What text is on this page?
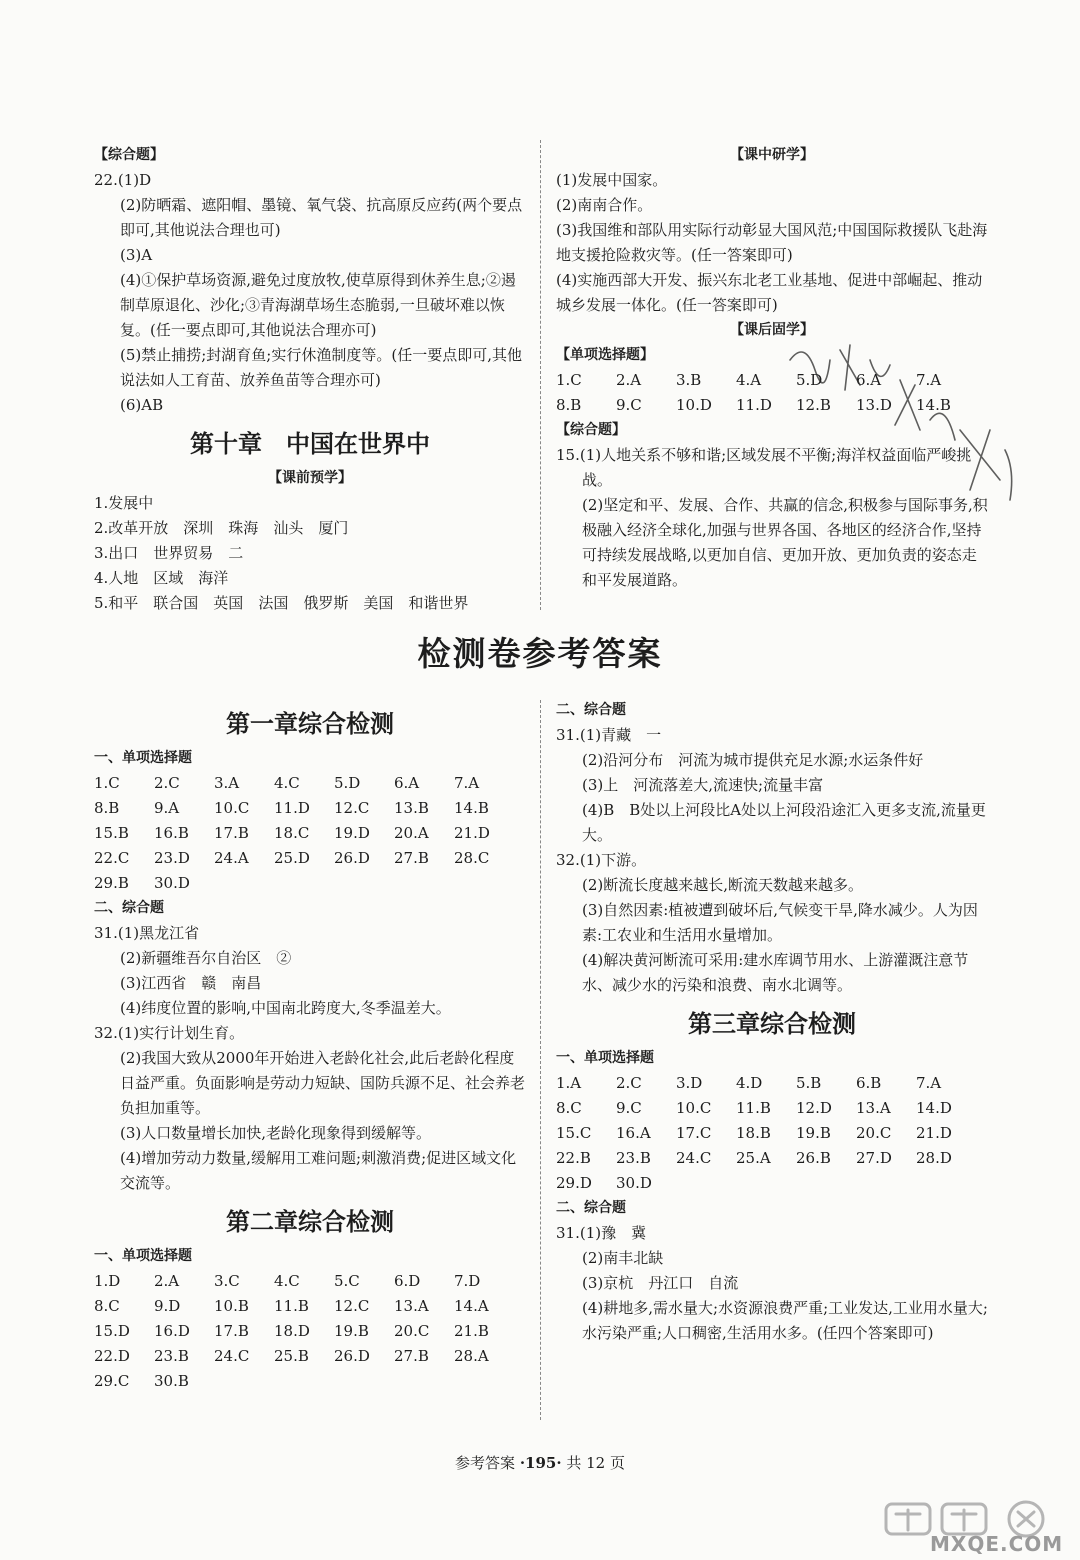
【综合题】
22.(1)D
(2)防晒霜、遮阳帽、墨镜、氧气袋、抗高原反应药(两个要点即可,其他说法合理也可)
(3)A
(4)①保护草场资源,避免过度放牧,使草原得到休养生息;②遏制草原退化、沙化;③青海湖草场生态脆弱,一旦破坏难以恢复。(任一要点即可,其他说法合理亦可)
(5)禁止捕捞;封湖育鱼;实行休渔制度等。(任一要点即可,其他说法如人工育苗、放养鱼苗等合理亦可)
(6)AB
第十章　中国在世界中
【课前预学】
1.发展中
2.改革开放　深圳　珠海　汕头　厦门
3.出口　世界贸易　二
4.人地　区域　海洋
5.和平　联合国　英国　法国　俄罗斯　美国　和谐世界
【课中研学】
(1)发展中国家。
(2)南南合作。
(3)我国维和部队用实际行动彰显大国风范;中国国际救援队飞赴海地支援抢险救灾等。(任一答案即可)
(4)实施西部大开发、振兴东北老工业基地、促进中部崛起、推动城乡发展一体化。(任一答案即可)
【课后固学】
【单项选择题】
1.C	2.A	3.B	4.A	5.D	6.A	7.A
8.B	9.C	10.D	11.D	12.B	13.D	14.B
【综合题】
15.(1)人地关系不够和谐;区域发展不平衡;海洋权益面临严峻挑战。
(2)坚定和平、发展、合作、共赢的信念,积极参与国际事务,积极融入经济全球化,加强与世界各国、各地区的经济合作,坚持可持续发展战略,以更加自信、更加开放、更加负责的姿态走和平发展道路。
检测卷参考答案
第一章综合检测
一、单项选择题
1.C	2.C	3.A	4.C	5.D	6.A	7.A
8.B	9.A	10.C	11.D	12.C	13.B	14.B
15.B	16.B	17.B	18.C	19.D	20.A	21.D
22.C	23.D	24.A	25.D	26.D	27.B	28.C
29.B	30.D
二、综合题
31.(1)黑龙江省
(2)新疆维吾尔自治区　②
(3)江西省　赣　南昌
(4)纬度位置的影响,中国南北跨度大,冬季温差大。
32.(1)实行计划生育。
(2)我国大致从2000年开始进入老龄化社会,此后老龄化程度日益严重。负面影响是劳动力短缺、国防兵源不足、社会养老负担加重等。
(3)人口数量增长加快,老龄化现象得到缓解等。
(4)增加劳动力数量,缓解用工难问题;刺激消费;促进区域文化交流等。
第二章综合检测
一、单项选择题
1.D	2.A	3.C	4.C	5.C	6.D	7.D
8.C	9.D	10.B	11.B	12.C	13.A	14.A
15.D	16.D	17.B	18.D	19.B	20.C	21.B
22.D	23.B	24.C	25.B	26.D	27.B	28.A
29.C	30.B
二、综合题
31.(1)青藏　一
(2)沿河分布　河流为城市提供充足水源;水运条件好
(3)上　河流落差大,流速快;流量丰富
(4)B　B处以上河段比A处以上河段沿途汇入更多支流,流量更大。
32.(1)下游。
(2)断流长度越来越长,断流天数越来越多。
(3)自然因素:植被遭到破坏后,气候变干旱,降水减少。人为因素:工农业和生活用水量增加。
(4)解决黄河断流可采用:建水库调节用水、上游灌溉注意节水、减少水的污染和浪费、南水北调等。
第三章综合检测
一、单项选择题
1.A	2.C	3.D	4.D	5.B	6.B	7.A
8.C	9.C	10.C	11.B	12.D	13.A	14.D
15.C	16.A	17.C	18.B	19.B	20.C	21.D
22.B	23.B	24.C	25.A	26.B	27.D	28.D
29.D	30.D
二、综合题
31.(1)豫　冀
(2)南丰北缺
(3)京杭　丹江口　自流
(4)耕地多,需水量大;水资源浪费严重;工业发达,工业用水量大;水污染严重;人口稠密,生活用水多。(任四个答案即可)
参考答案 ·195· 共 12 页
MXQE.COM
